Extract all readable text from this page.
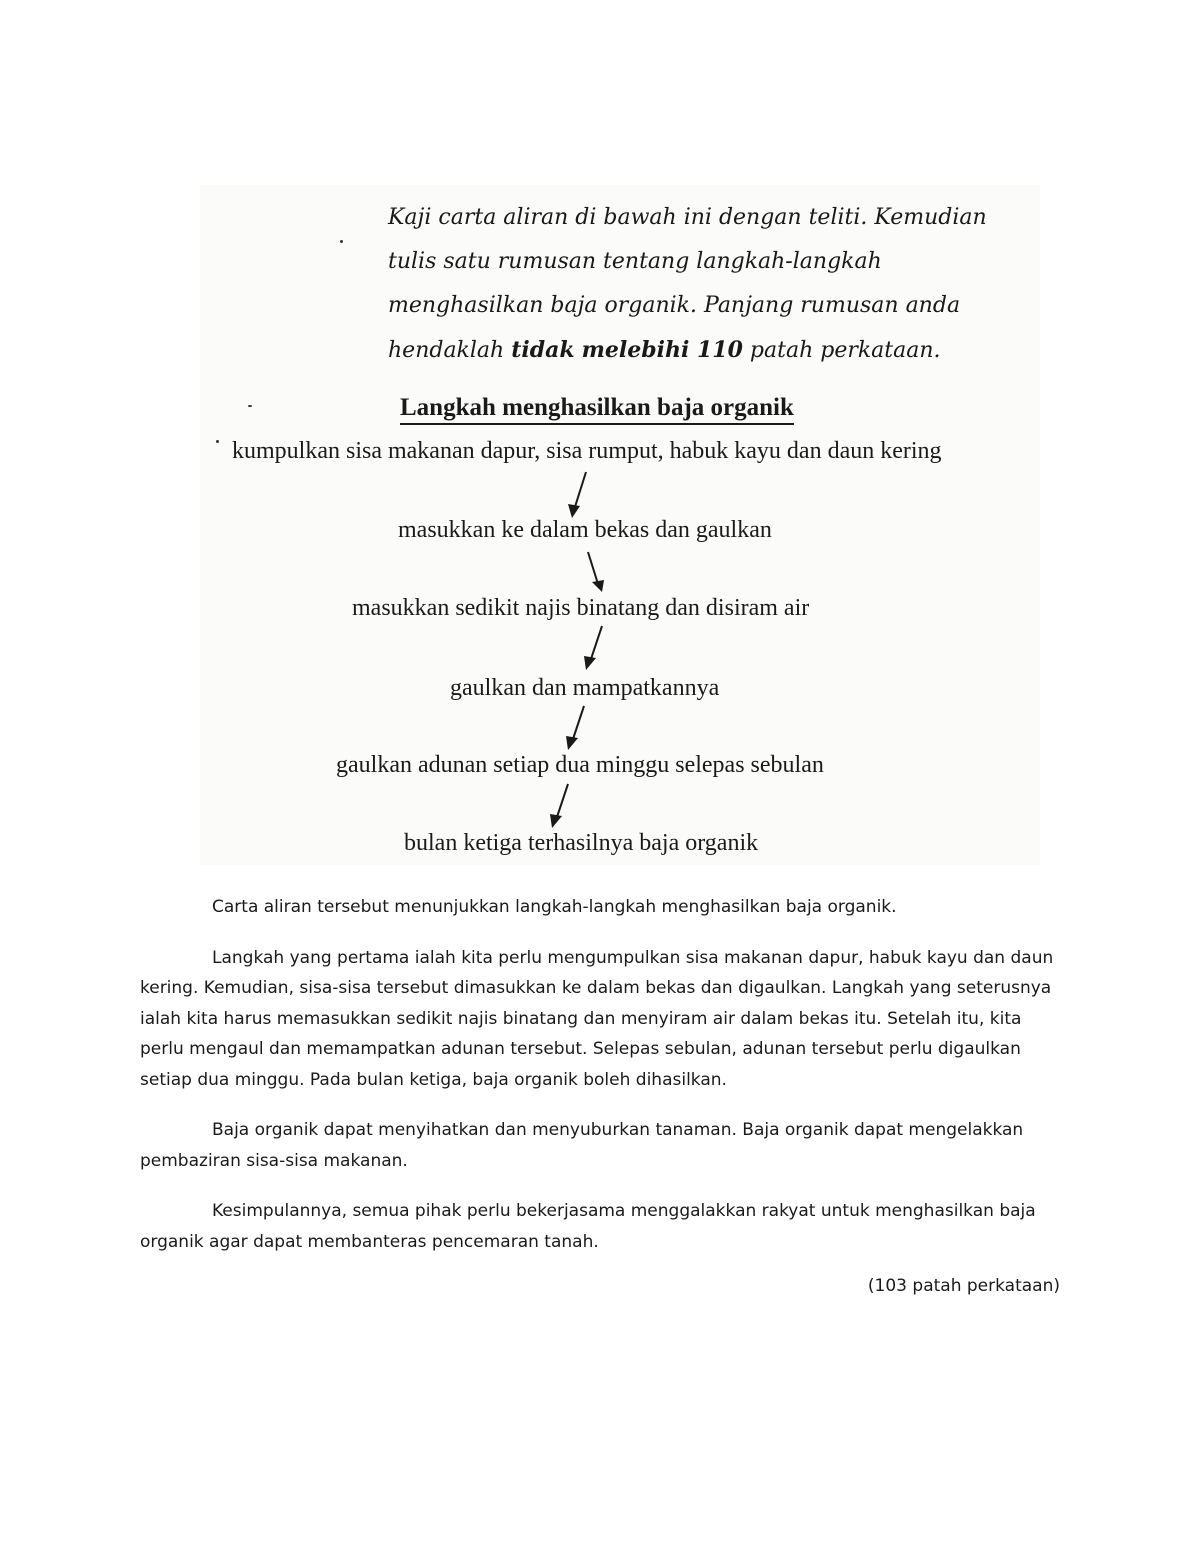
Kaji carta aliran di bawah ini dengan teliti. Kemudian tulis satu rumusan tentang langkah-langkah menghasilkan baja organik. Panjang rumusan anda hendaklah tidak melebihi 110 patah perkataan.

Langkah menghasilkan baja organik

kumpulkan sisa makanan dapur, sisa rumput, habuk kayu dan daun kering

masukkan ke dalam bekas dan gaulkan

masukkan sedikit najis binatang dan disiram air

gaulkan dan mampatkannya

gaulkan adunan setiap dua minggu selepas sebulan

bulan ketiga terhasilnya baja organik

Carta aliran tersebut menunjukkan langkah-langkah menghasilkan baja organik.

Langkah yang pertama ialah kita perlu mengumpulkan sisa makanan dapur, habuk kayu dan daun kering. Kemudian, sisa-sisa tersebut dimasukkan ke dalam bekas dan digaulkan. Langkah yang seterusnya ialah kita harus memasukkan sedikit najis binatang dan menyiram air dalam bekas itu. Setelah itu, kita perlu mengaul dan memampatkan adunan tersebut. Selepas sebulan, adunan tersebut perlu digaulkan setiap dua minggu. Pada bulan ketiga, baja organik boleh dihasilkan.

Baja organik dapat menyihatkan dan menyuburkan tanaman. Baja organik dapat mengelakkan pembaziran sisa-sisa makanan.

Kesimpulannya, semua pihak perlu bekerjasama menggalakkan rakyat untuk menghasilkan baja organik agar dapat membanteras pencemaran tanah.

(103 patah perkataan)
